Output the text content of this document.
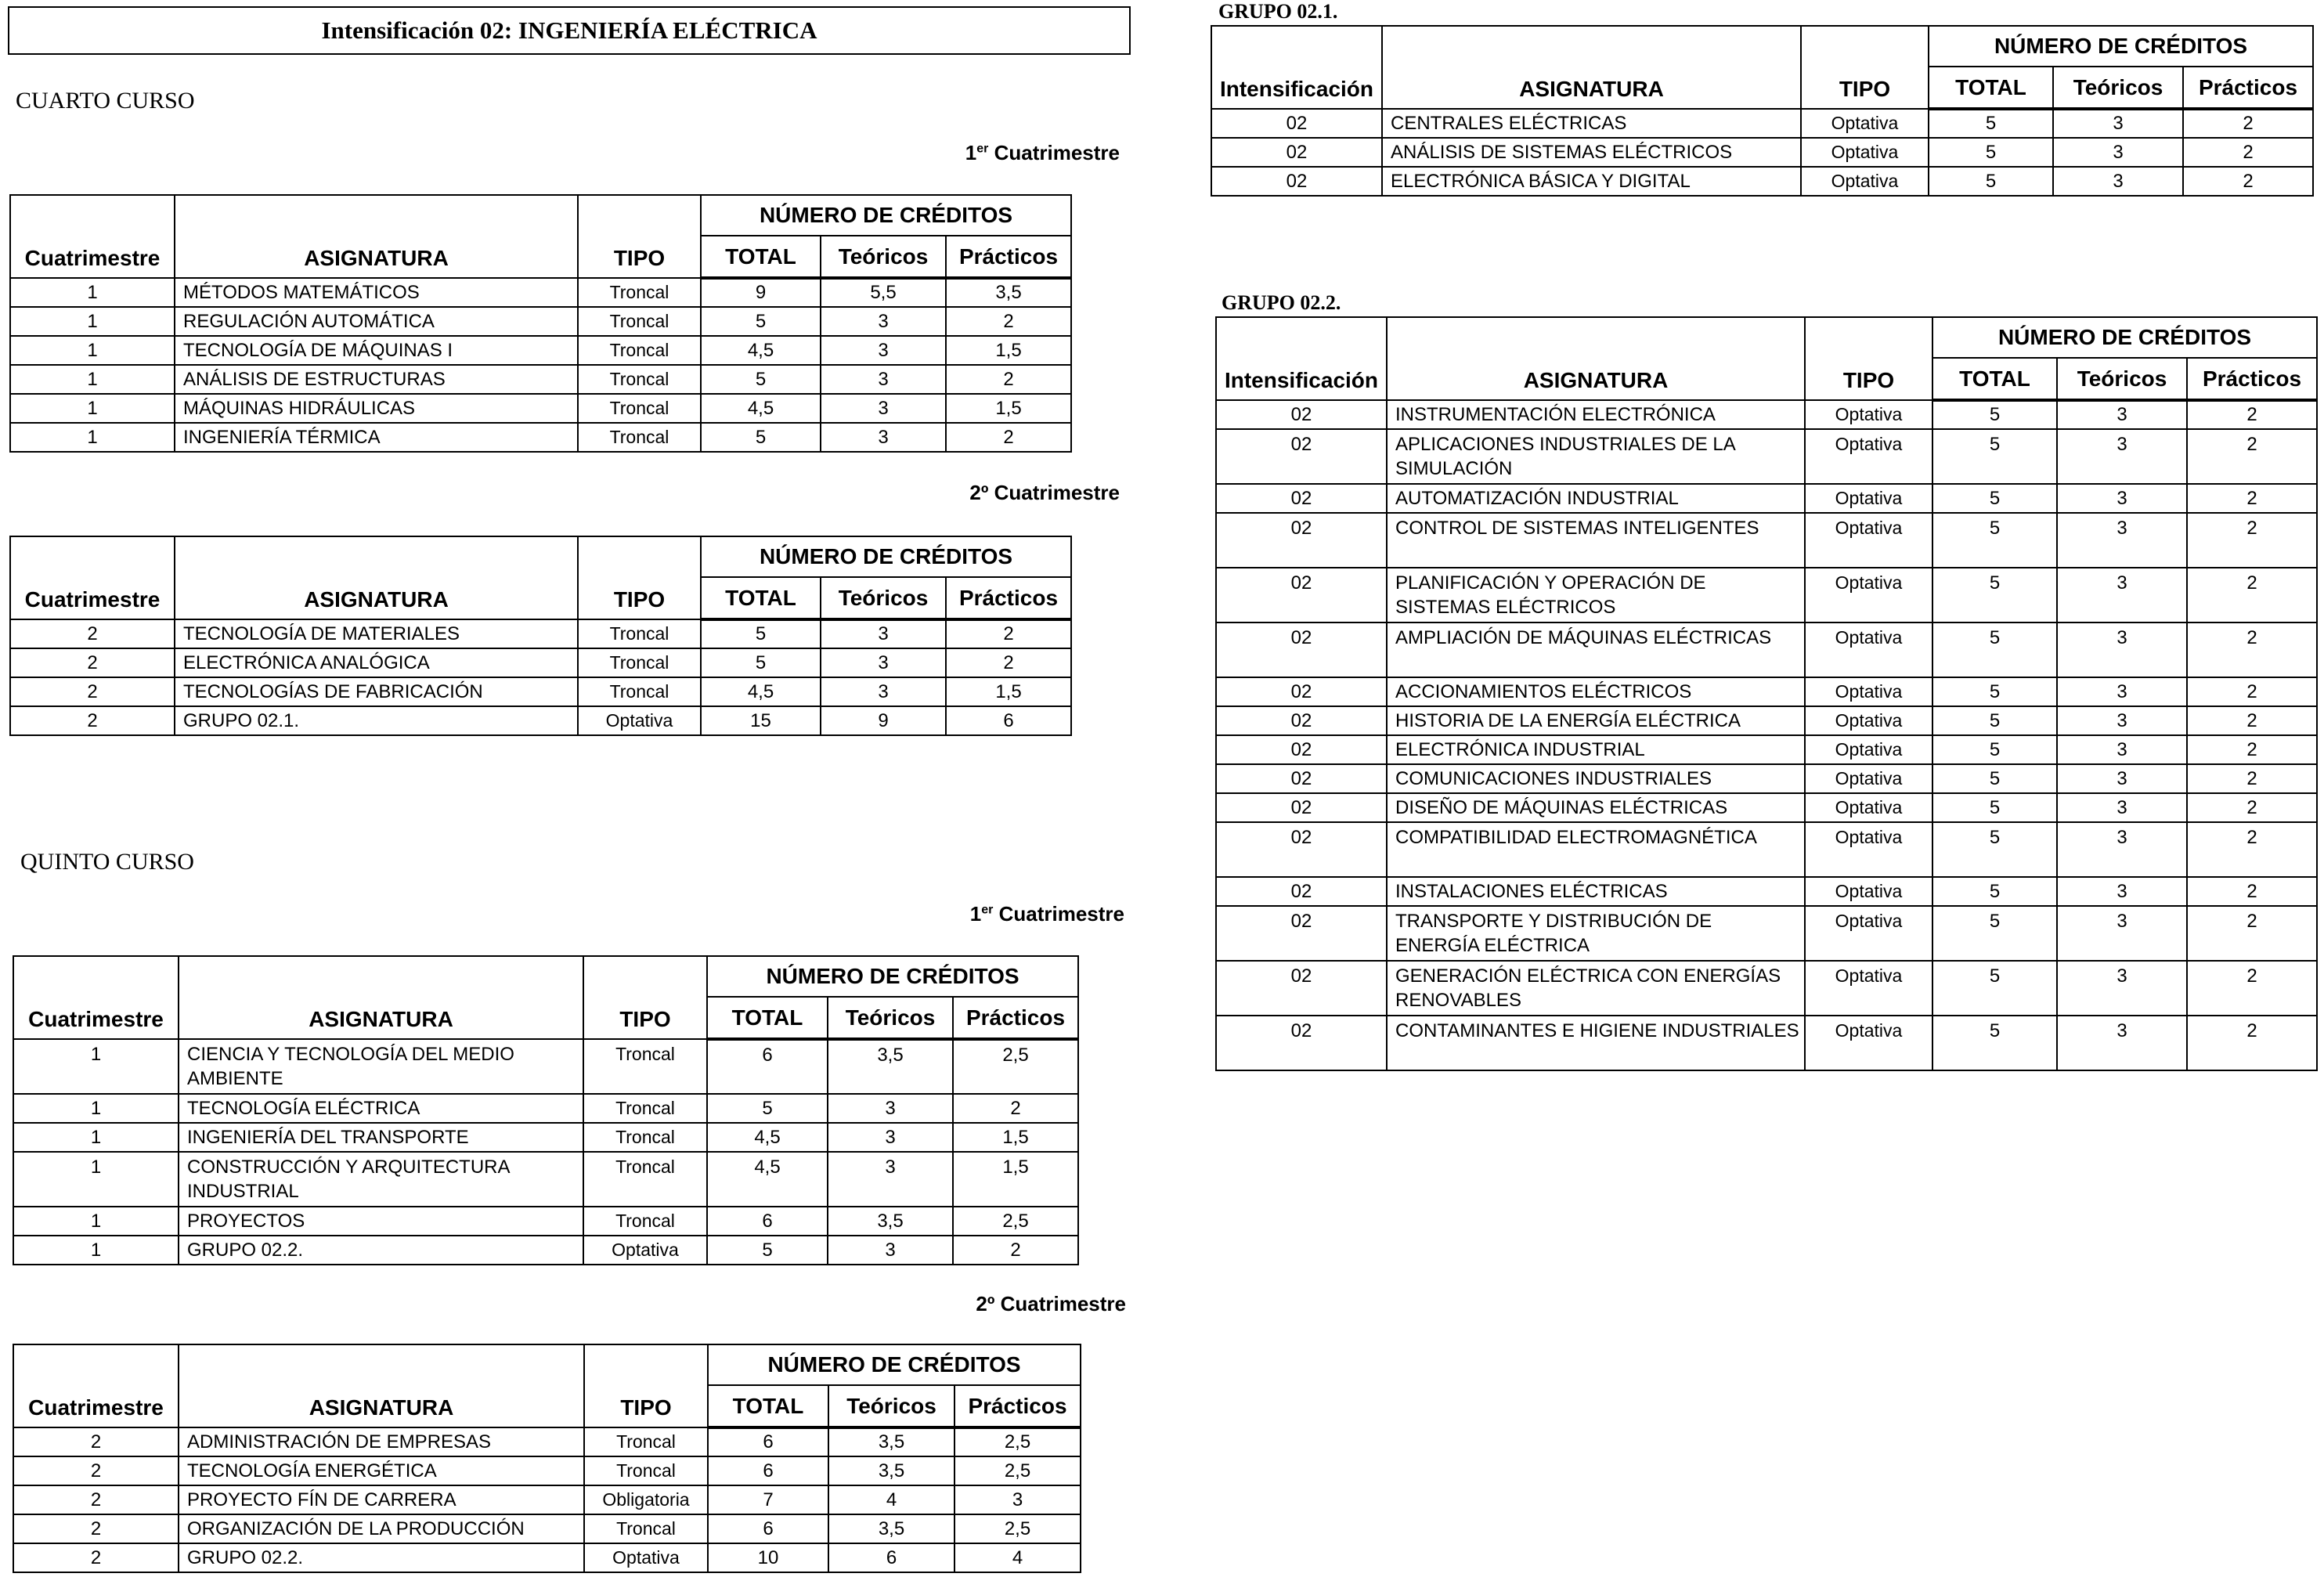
Intensificación 02: INGENIERÍA ELÉCTRICA
CUARTO CURSO
1er Cuatrimestre
Cuatrimestre	ASIGNATURA	TIPO	NÚMERO DE CRÉDITOS		
			TOTAL	Teóricos	Prácticos
1	MÉTODOS MATEMÁTICOS	Troncal	9	5,5	3,5
1	REGULACIÓN AUTOMÁTICA	Troncal	5	3	2
1	TECNOLOGÍA DE MÁQUINAS I	Troncal	4,5	3	1,5
1	ANÁLISIS DE ESTRUCTURAS	Troncal	5	3	2
1	MÁQUINAS HIDRÁULICAS	Troncal	4,5	3	1,5
1	INGENIERÍA TÉRMICA	Troncal	5	3	2
2º Cuatrimestre
Cuatrimestre	ASIGNATURA	TIPO	NÚMERO DE CRÉDITOS		
			TOTAL	Teóricos	Prácticos
2	TECNOLOGÍA DE MATERIALES	Troncal	5	3	2
2	ELECTRÓNICA ANALÓGICA	Troncal	5	3	2
2	TECNOLOGÍAS DE FABRICACIÓN	Troncal	4,5	3	1,5
2	GRUPO 02.1.	Optativa	15	9	6
QUINTO CURSO
1er Cuatrimestre
Cuatrimestre	ASIGNATURA	TIPO	NÚMERO DE CRÉDITOS		
			TOTAL	Teóricos	Prácticos
1	CIENCIA Y TECNOLOGÍA DEL MEDIO AMBIENTE	Troncal	6	3,5	2,5
1	TECNOLOGÍA ELÉCTRICA	Troncal	5	3	2
1	INGENIERÍA DEL TRANSPORTE	Troncal	4,5	3	1,5
1	CONSTRUCCIÓN Y ARQUITECTURA INDUSTRIAL	Troncal	4,5	3	1,5
1	PROYECTOS	Troncal	6	3,5	2,5
1	GRUPO 02.2.	Optativa	5	3	2
2º Cuatrimestre
Cuatrimestre	ASIGNATURA	TIPO	NÚMERO DE CRÉDITOS		
			TOTAL	Teóricos	Prácticos
2	ADMINISTRACIÓN DE EMPRESAS	Troncal	6	3,5	2,5
2	TECNOLOGÍA ENERGÉTICA	Troncal	6	3,5	2,5
2	PROYECTO FÍN DE CARRERA	Obligatoria	7	4	3
2	ORGANIZACIÓN DE LA PRODUCCIÓN	Troncal	6	3,5	2,5
2	GRUPO 02.2.	Optativa	10	6	4
GRUPO 02.1.
Intensificación	ASIGNATURA	TIPO	NÚMERO DE CRÉDITOS		
			TOTAL	Teóricos	Prácticos
02	CENTRALES ELÉCTRICAS	Optativa	5	3	2
02	ANÁLISIS DE SISTEMAS ELÉCTRICOS	Optativa	5	3	2
02	ELECTRÓNICA BÁSICA Y DIGITAL	Optativa	5	3	2
GRUPO 02.2.
Intensificación	ASIGNATURA	TIPO	NÚMERO DE CRÉDITOS		
			TOTAL	Teóricos	Prácticos
02	INSTRUMENTACIÓN ELECTRÓNICA	Optativa	5	3	2
02	APLICACIONES INDUSTRIALES DE LA SIMULACIÓN	Optativa	5	3	2
02	AUTOMATIZACIÓN INDUSTRIAL	Optativa	5	3	2
02	CONTROL DE SISTEMAS INTELIGENTES	Optativa	5	3	2
02	PLANIFICACIÓN Y OPERACIÓN DE SISTEMAS ELÉCTRICOS	Optativa	5	3	2
02	AMPLIACIÓN DE MÁQUINAS ELÉCTRICAS	Optativa	5	3	2
02	ACCIONAMIENTOS ELÉCTRICOS	Optativa	5	3	2
02	HISTORIA DE LA ENERGÍA ELÉCTRICA	Optativa	5	3	2
02	ELECTRÓNICA INDUSTRIAL	Optativa	5	3	2
02	COMUNICACIONES INDUSTRIALES	Optativa	5	3	2
02	DISEÑO DE MÁQUINAS ELÉCTRICAS	Optativa	5	3	2
02	COMPATIBILIDAD ELECTROMAGNÉTICA	Optativa	5	3	2
02	INSTALACIONES ELÉCTRICAS	Optativa	5	3	2
02	TRANSPORTE Y DISTRIBUCIÓN DE ENERGÍA ELÉCTRICA	Optativa	5	3	2
02	GENERACIÓN ELÉCTRICA CON ENERGÍAS RENOVABLES	Optativa	5	3	2
02	CONTAMINANTES E HIGIENE INDUSTRIALES	Optativa	5	3	2
